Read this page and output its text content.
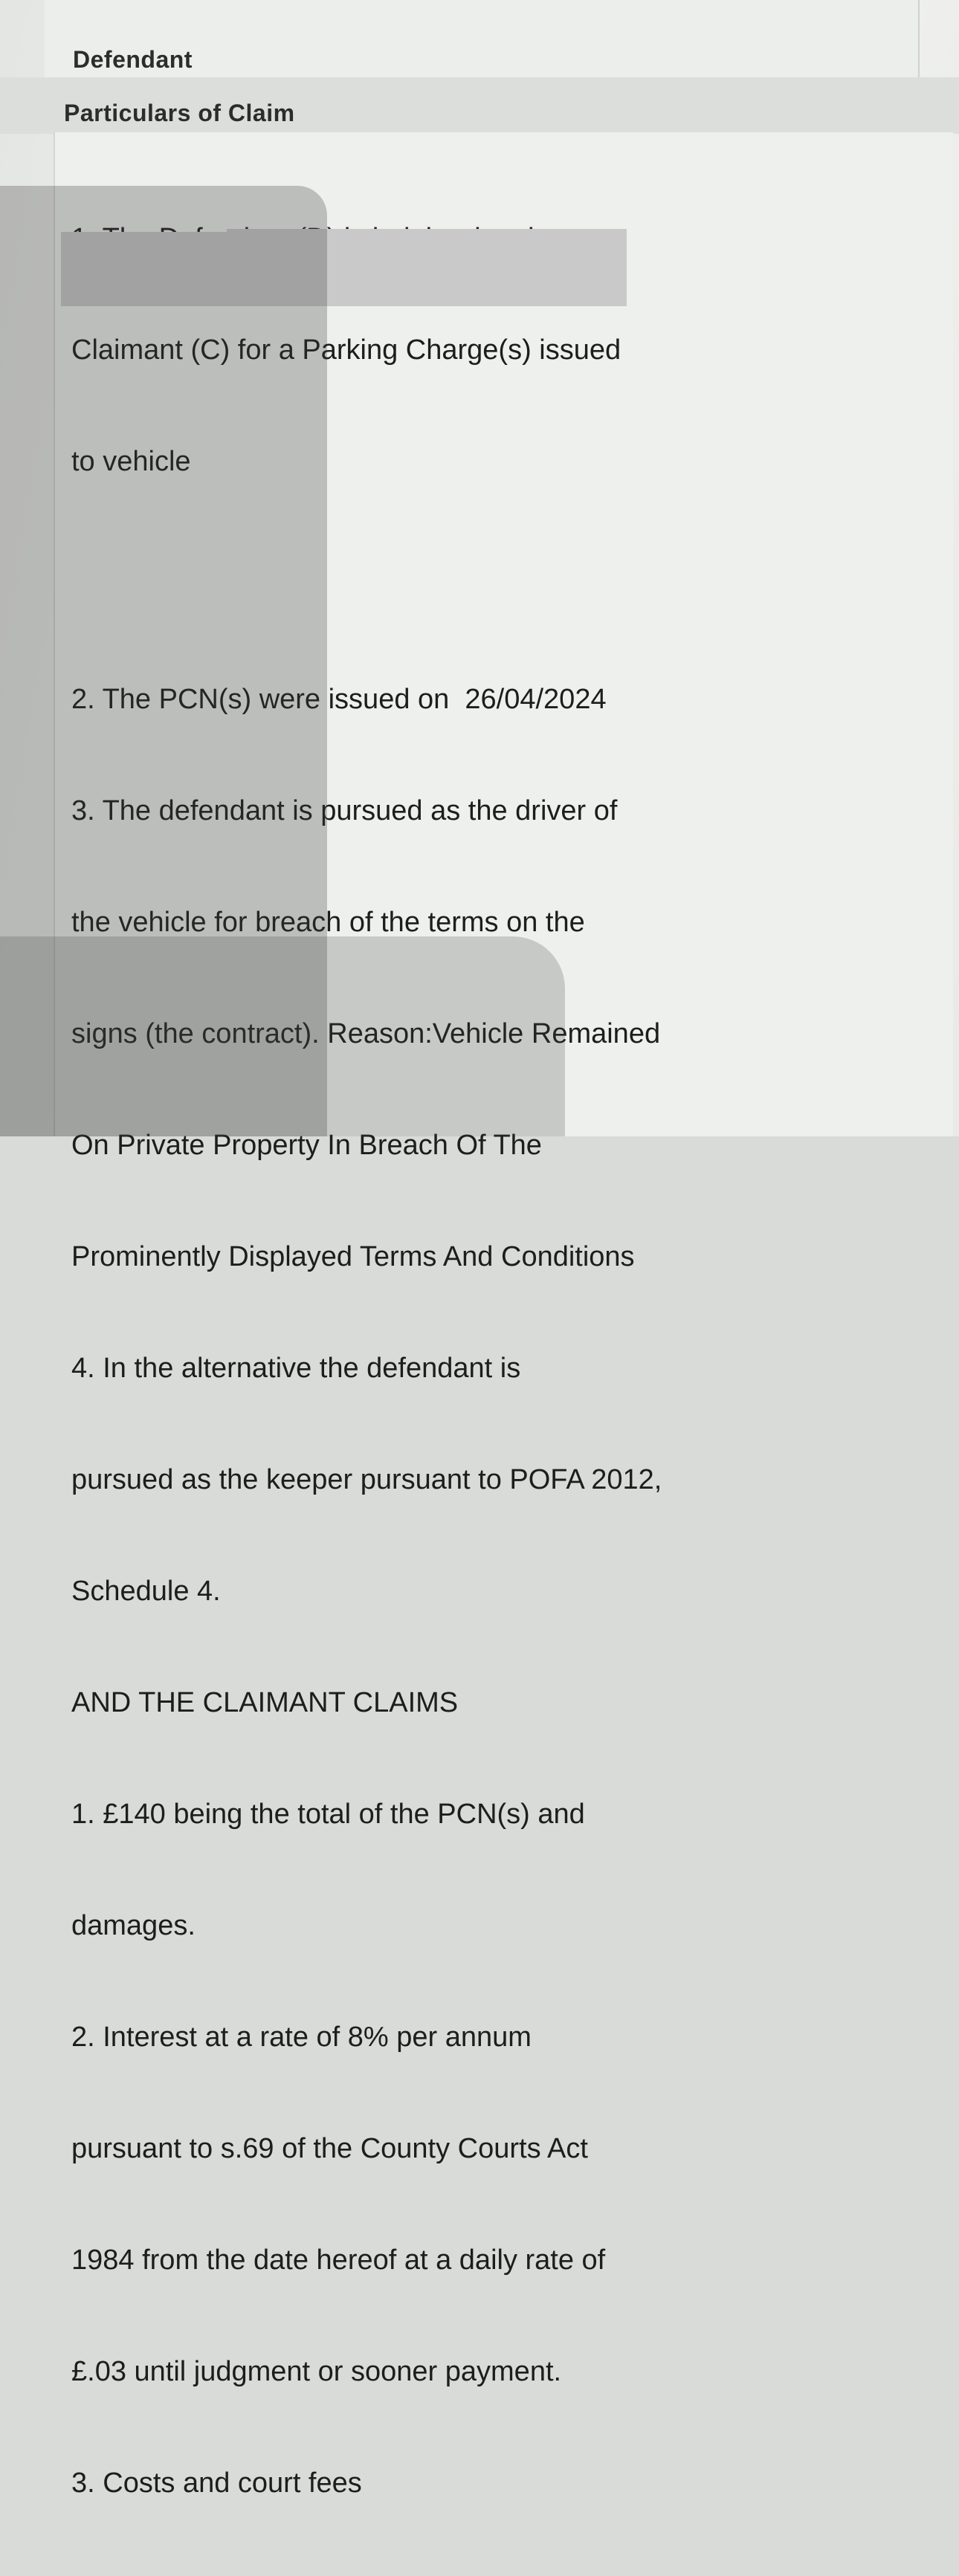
Defendant
Particulars of Claim

Claimant (C) for a Parking Charge(s) issued

to vehicle

2. The PCN(s) were issued on  26/04/2024

3. The defendant is pursued as the driver of

the vehicle for breach of the terms on the

signs (the contract). Reason:Vehicle Remained

On Private Property In Breach Of The

Prominently Displayed Terms And Conditions

4. In the alternative the defendant is

pursued as the keeper pursuant to POFA 2012,

Schedule 4.

AND THE CLAIMANT CLAIMS

1. £140 being the total of the PCN(s) and

damages.

2. Interest at a rate of 8% per annum

pursuant to s.69 of the County Courts Act

1984 from the date hereof at a daily rate of

£.03 until judgment or sooner payment.

3. Costs and court fees
